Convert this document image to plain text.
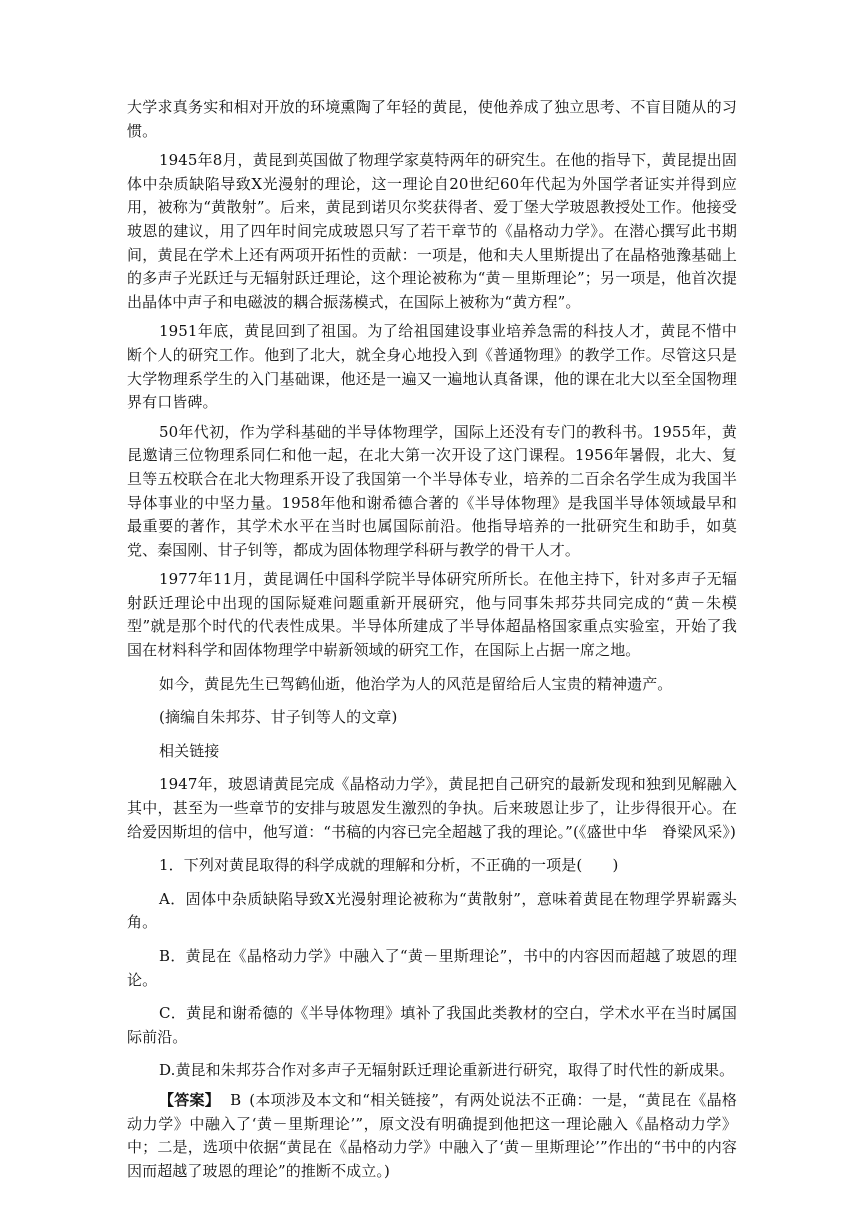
大学求真务实和相对开放的环境熏陶了年轻的黄昆，使他养成了独立思考、不盲目随从的习惯。

1945年8月，黄昆到英国做了物理学家莫特两年的研究生。在他的指导下，黄昆提出固体中杂质缺陷导致X光漫射的理论，这一理论自20世纪60年代起为外国学者证实并得到应用，被称为“黄散射”。后来，黄昆到诺贝尔奖获得者、爱丁堡大学玻恩教授处工作。他接受玻恩的建议，用了四年时间完成玻恩只写了若干章节的《晶格动力学》。在潜心撰写此书期间，黄昆在学术上还有两项开拓性的贡献：一项是，他和夫人里斯提出了在晶格弛豫基础上的多声子光跃迁与无辐射跃迁理论，这个理论被称为“黄－里斯理论”；另一项是，他首次提出晶体中声子和电磁波的耦合振荡模式，在国际上被称为“黄方程”。

1951年底，黄昆回到了祖国。为了给祖国建设事业培养急需的科技人才，黄昆不惜中断个人的研究工作。他到了北大，就全身心地投入到《普通物理》的教学工作。尽管这只是大学物理系学生的入门基础课，他还是一遍又一遍地认真备课，他的课在北大以至全国物理界有口皆碑。

50年代初，作为学科基础的半导体物理学，国际上还没有专门的教科书。1955年，黄昆邀请三位物理系同仁和他一起，在北大第一次开设了这门课程。1956年暑假，北大、复旦等五校联合在北大物理系开设了我国第一个半导体专业，培养的二百余名学生成为我国半导体事业的中坚力量。1958年他和谢希德合著的《半导体物理》是我国半导体领域最早和最重要的著作，其学术水平在当时也属国际前沿。他指导培养的一批研究生和助手，如莫党、秦国刚、甘子钊等，都成为固体物理学科研与教学的骨干人才。

1977年11月，黄昆调任中国科学院半导体研究所所长。在他主持下，针对多声子无辐射跃迁理论中出现的国际疑难问题重新开展研究，他与同事朱邦芬共同完成的“黄－朱模型”就是那个时代的代表性成果。半导体所建成了半导体超晶格国家重点实验室，开始了我国在材料科学和固体物理学中崭新领域的研究工作，在国际上占据一席之地。

如今，黄昆先生已驾鹤仙逝，他治学为人的风范是留给后人宝贵的精神遗产。

(摘编自朱邦芬、甘子钊等人的文章)

相关链接

1947年，玻恩请黄昆完成《晶格动力学》，黄昆把自己研究的最新发现和独到见解融入其中，甚至为一些章节的安排与玻恩发生激烈的争执。后来玻恩让步了，让步得很开心。在给爱因斯坦的信中，他写道：“书稿的内容已完全超越了我的理论。”(《盛世中华　脊梁风采》)

1．下列对黄昆取得的科学成就的理解和分析，不正确的一项是(　　)

A．固体中杂质缺陷导致X光漫射理论被称为“黄散射”，意味着黄昆在物理学界崭露头角。

B．黄昆在《晶格动力学》中融入了“黄－里斯理论”，书中的内容因而超越了玻恩的理论。

C．黄昆和谢希德的《半导体物理》填补了我国此类教材的空白，学术水平在当时属国际前沿。

D.黄昆和朱邦芬合作对多声子无辐射跃迁理论重新进行研究，取得了时代性的新成果。

【答案】 B (本项涉及本文和“相关链接”，有两处说法不正确：一是，“黄昆在《晶格动力学》中融入了‘黄－里斯理论’”，原文没有明确提到他把这一理论融入《晶格动力学》中；二是，选项中依据“黄昆在《晶格动力学》中融入了‘黄－里斯理论’”作出的“书中的内容因而超越了玻恩的理论”的推断不成立。)
